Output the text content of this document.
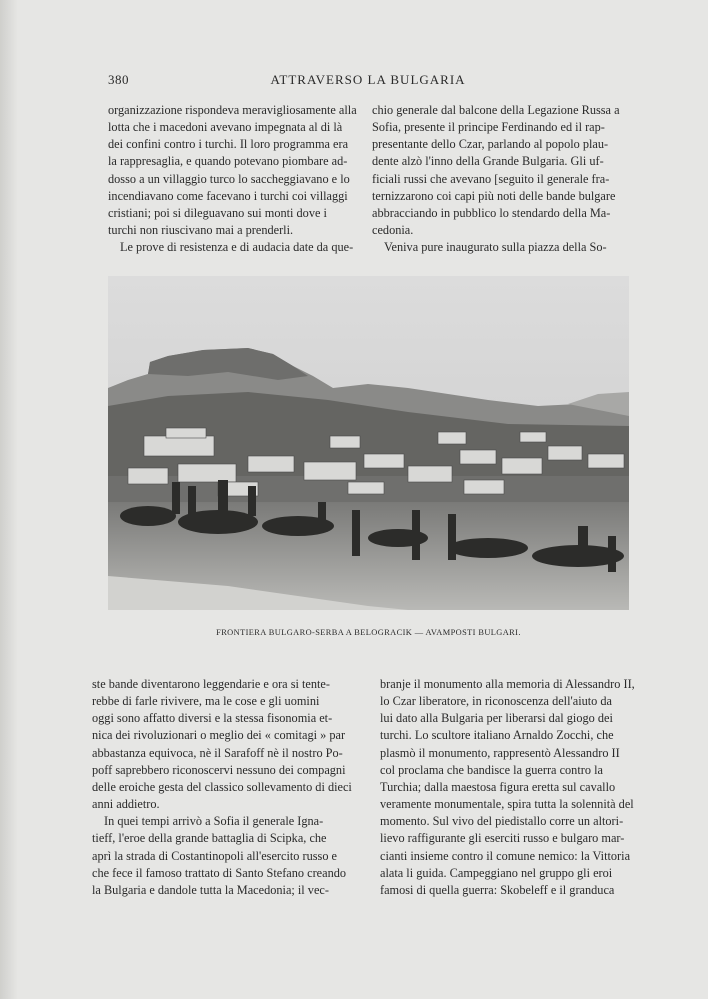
380	ATTRAVERSO LA BULGARIA

organizzazione rispondeva meravigliosamente alla

lotta che i macedoni avevano impegnata al di là

dei confini contro i turchi. Il loro programma era

la rappresaglia, e quando potevano piombare ad-

dosso a un villaggio turco lo saccheggiavano e lo

incendiavano come facevano i turchi coi villaggi

cristiani; poi si dileguavano sui monti dove i

turchi non riuscivano mai a prenderli.

Le prove di resistenza e di audacia date da que-

chio generale dal balcone della Legazione Russa a

Sofia, presente il principe Ferdinando ed il rap-

presentante dello Czar, parlando al popolo plau-

dente alzò l'inno della Grande Bulgaria. Gli uf-

ficiali russi che avevano [seguito il generale fra-

ternizzarono coi capi più noti delle bande bulgare

abbracciando in pubblico lo stendardo della Ma-

cedonia.

Veniva pure inaugurato sulla piazza della So-

FRONTIERA BULGARO-SERBA A BELOGRACIK — AVAMPOSTI BULGARI.

ste bande diventarono leggendarie e ora si tente-

rebbe di farle rivivere, ma le cose e gli uomini

oggi sono affatto diversi e la stessa fisonomia et-

nica dei rivoluzionari o meglio dei « comitagi » par

abbastanza equivoca, nè il Sarafoff nè il nostro Po-

poff saprebbero riconoscervi nessuno dei compagni

delle eroiche gesta del classico sollevamento di dieci

anni addietro.

In quei tempi arrivò a Sofia il generale Igna-

tieff, l'eroe della grande battaglia di Scipka, che

aprì la strada di Costantinopoli all'esercito russo e

che fece il famoso trattato di Santo Stefano creando

la Bulgaria e dandole tutta la Macedonia; il vec-

branje il monumento alla memoria di Alessandro II,

lo Czar liberatore, in riconoscenza dell'aiuto da

lui dato alla Bulgaria per liberarsi dal giogo dei

turchi. Lo scultore italiano Arnaldo Zocchi, che

plasmò il monumento, rappresentò Alessandro II

col proclama che bandisce la guerra contro la

Turchia; dalla maestosa figura eretta sul cavallo

veramente monumentale, spira tutta la solennità del

momento. Sul vivo del piedistallo corre un altori-

lievo raffigurante gli eserciti russo e bulgaro mar-

cianti insieme contro il comune nemico: la Vittoria

alata li guida. Campeggiano nel gruppo gli eroi

famosi di quella guerra: Skobeleff e il granduca
